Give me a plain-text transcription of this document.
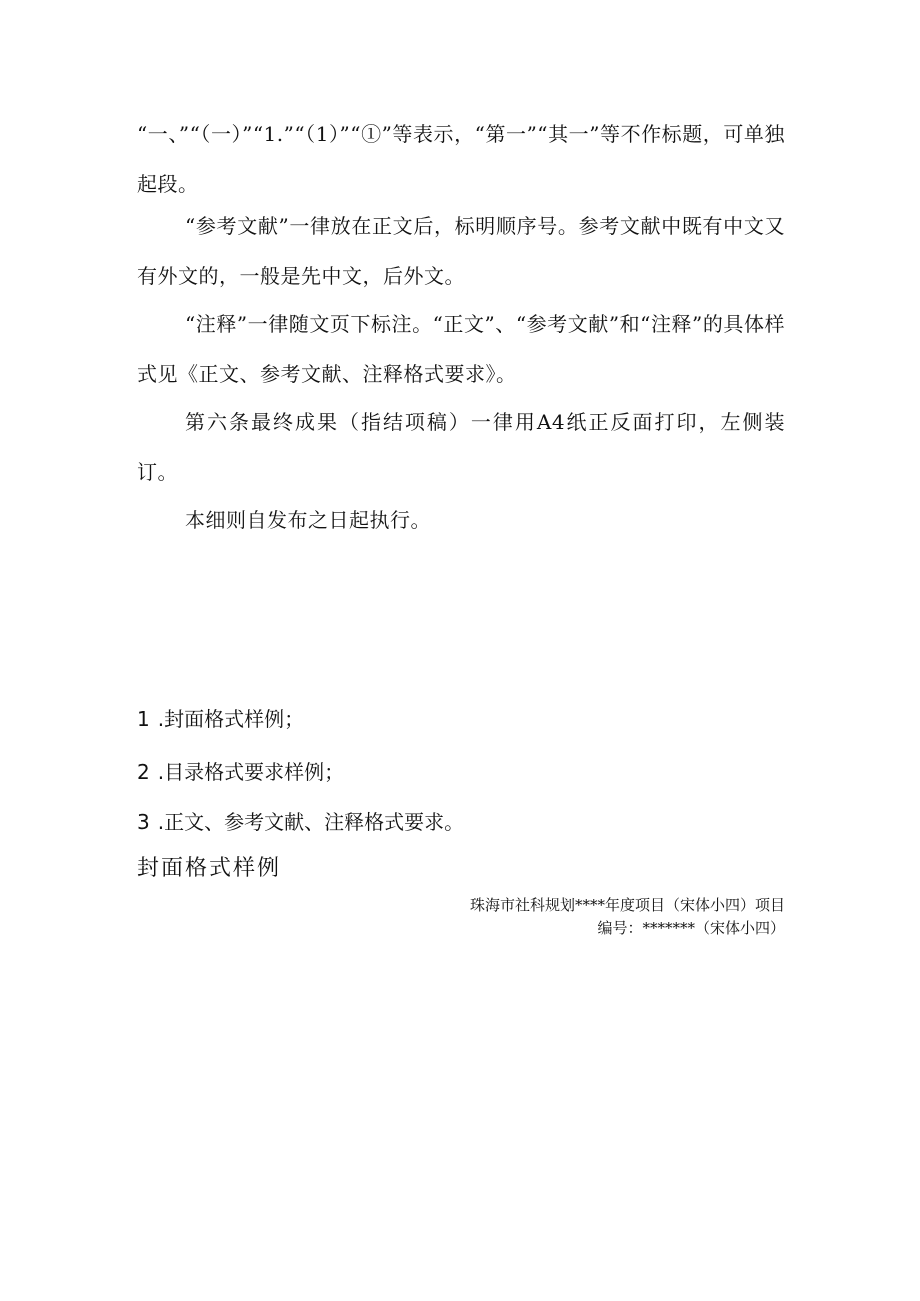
“一、”“（一）”“1.”“（1）”“①”等表示，“第一”“其一”等不作标题，可单独起段。

“参考文献”一律放在正文后，标明顺序号。参考文献中既有中文又有外文的，一般是先中文，后外文。

“注释”一律随文页下标注。“正文”、“参考文献”和“注释”的具体样式见《正文、参考文献、注释格式要求》。

第六条最终成果（指结项稿）一律用A4纸正反面打印，左侧装订。

本细则自发布之日起执行。

1 .封面格式样例；
2 .目录格式要求样例；
3 .正文、参考文献、注释格式要求。
封面格式样例
珠海市社科规划****年度项目（宋体小四）项目
编号：*******（宋体小四）
